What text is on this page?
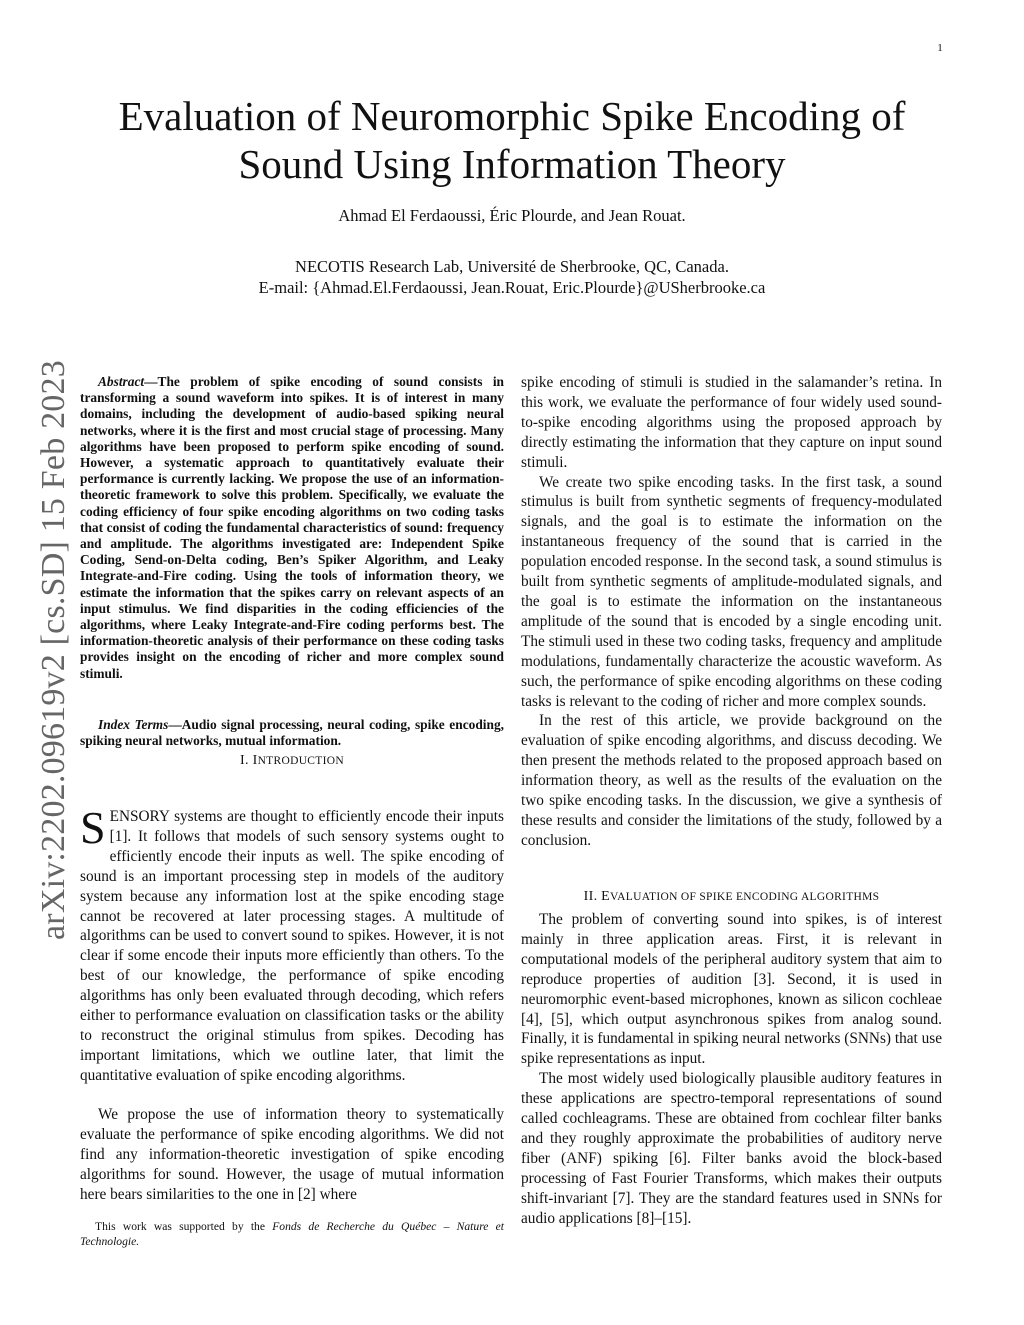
1
arXiv:2202.09619v2 [cs.SD] 15 Feb 2023
Evaluation of Neuromorphic Spike Encoding of
Sound Using Information Theory
Ahmad El Ferdaoussi, Éric Plourde, and Jean Rouat.
NECOTIS Research Lab, Université de Sherbrooke, QC, Canada.
E-mail: {Ahmad.El.Ferdaoussi, Jean.Rouat, Eric.Plourde}@USherbrooke.ca
Abstract—The problem of spike encoding of sound consists in transforming a sound waveform into spikes. It is of interest in many domains, including the development of audio-based spiking neural networks, where it is the first and most crucial stage of processing. Many algorithms have been proposed to perform spike encoding of sound. However, a systematic approach to quantitatively evaluate their performance is currently lacking. We propose the use of an information-theoretic framework to solve this problem. Specifically, we evaluate the coding efficiency of four spike encoding algorithms on two coding tasks that consist of coding the fundamental characteristics of sound: frequency and amplitude. The algorithms investigated are: Independent Spike Coding, Send-on-Delta coding, Ben’s Spiker Algorithm, and Leaky Integrate-and-Fire coding. Using the tools of information theory, we estimate the information that the spikes carry on relevant aspects of an input stimulus. We find disparities in the coding efficiencies of the algorithms, where Leaky Integrate-and-Fire coding performs best. The information-theoretic analysis of their performance on these coding tasks provides insight on the encoding of richer and more complex sound stimuli.
Index Terms—Audio signal processing, neural coding, spike encoding, spiking neural networks, mutual information.
I. INTRODUCTION

SENSORY systems are thought to efficiently encode their inputs [1]. It follows that models of such sensory systems ought to efficiently encode their inputs as well. The spike encoding of sound is an important processing step in models of the auditory system because any information lost at the spike encoding stage cannot be recovered at later processing stages. A multitude of algorithms can be used to convert sound to spikes. However, it is not clear if some encode their inputs more efficiently than others. To the best of our knowledge, the performance of spike encoding algorithms has only been evaluated through decoding, which refers either to performance evaluation on classification tasks or the ability to reconstruct the original stimulus from spikes. Decoding has important limitations, which we outline later, that limit the quantitative evaluation of spike encoding algorithms.

We propose the use of information theory to systematically evaluate the performance of spike encoding algorithms. We did not find any information-theoretic investigation of spike encoding algorithms for sound. However, the usage of mutual information here bears similarities to the one in [2] where

This work was supported by the Fonds de Recherche du Québec – Nature et Technologie.

spike encoding of stimuli is studied in the salamander’s retina. In this work, we evaluate the performance of four widely used sound-to-spike encoding algorithms using the proposed approach by directly estimating the information that they capture on input sound stimuli.

We create two spike encoding tasks. In the first task, a sound stimulus is built from synthetic segments of frequency-modulated signals, and the goal is to estimate the information on the instantaneous frequency of the sound that is carried in the population encoded response. In the second task, a sound stimulus is built from synthetic segments of amplitude-modulated signals, and the goal is to estimate the information on the instantaneous amplitude of the sound that is encoded by a single encoding unit. The stimuli used in these two coding tasks, frequency and amplitude modulations, fundamentally characterize the acoustic waveform. As such, the performance of spike encoding algorithms on these coding tasks is relevant to the coding of richer and more complex sounds.

In the rest of this article, we provide background on the evaluation of spike encoding algorithms, and discuss decoding. We then present the methods related to the proposed approach based on information theory, as well as the results of the evaluation on the two spike encoding tasks. In the discussion, we give a synthesis of these results and consider the limitations of the study, followed by a conclusion.

II. EVALUATION OF SPIKE ENCODING ALGORITHMS

The problem of converting sound into spikes, is of interest mainly in three application areas. First, it is relevant in computational models of the peripheral auditory system that aim to reproduce properties of audition [3]. Second, it is used in neuromorphic event-based microphones, known as silicon cochleae [4], [5], which output asynchronous spikes from analog sound. Finally, it is fundamental in spiking neural networks (SNNs) that use spike representations as input.

The most widely used biologically plausible auditory features in these applications are spectro-temporal representations of sound called cochleagrams. These are obtained from cochlear filter banks and they roughly approximate the probabilities of auditory nerve fiber (ANF) spiking [6]. Filter banks avoid the block-based processing of Fast Fourier Transforms, which makes their outputs shift-invariant [7]. They are the standard features used in SNNs for audio applications [8]–[15].
